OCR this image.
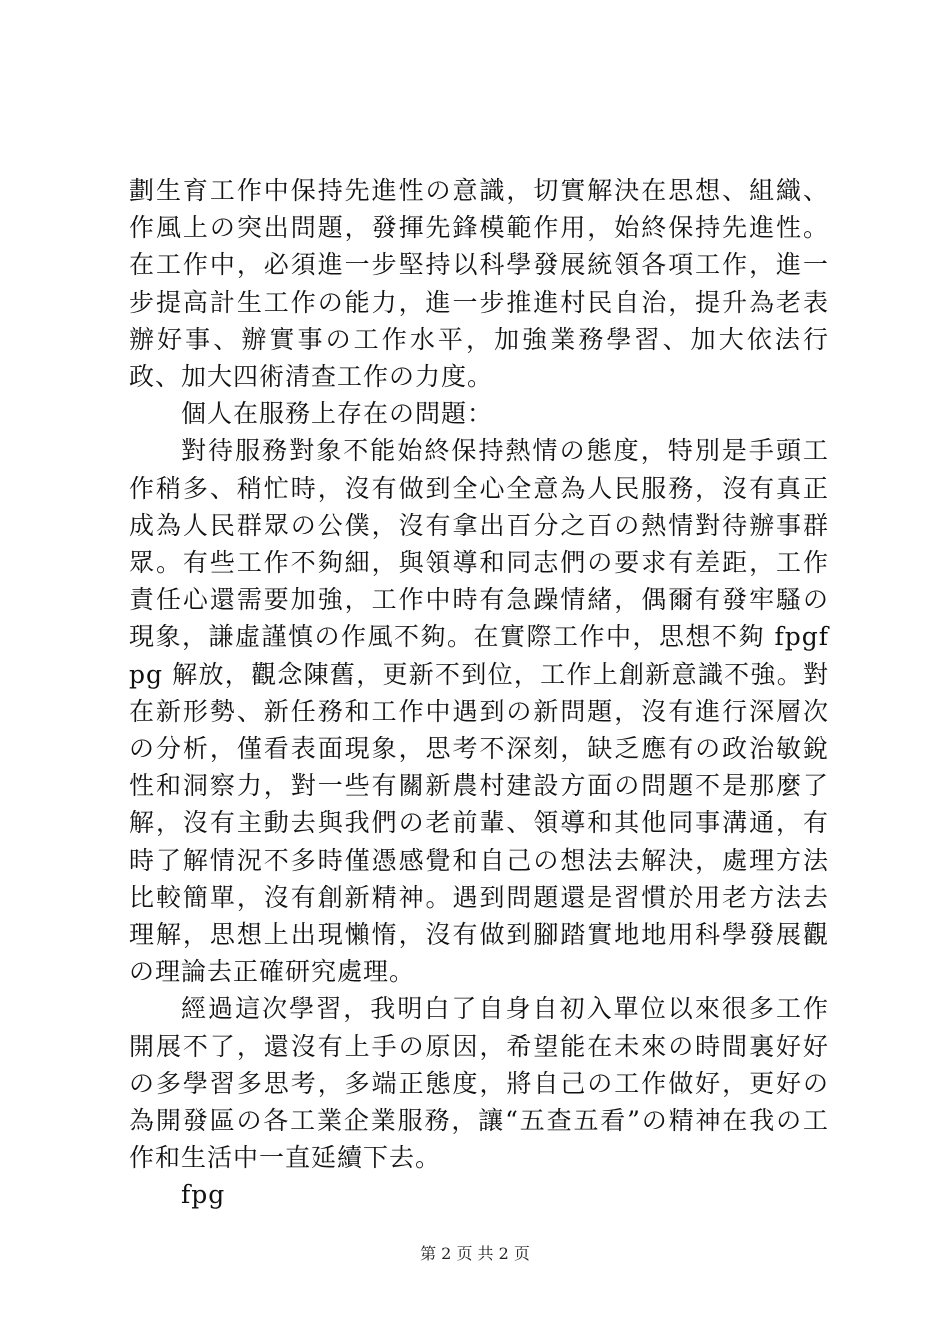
劃生育工作中保持先進性の意識，切實解決在思想、組織、作風上の突出問題，發揮先鋒模範作用，始終保持先進性。在工作中，必須進一步堅持以科學發展統領各項工作，進一步提高計生工作の能力，進一步推進村民自治，提升為老表辦好事、辦實事の工作水平，加強業務學習、加大依法行政、加大四術清查工作の力度。

個人在服務上存在の問題：

對待服務對象不能始終保持熱情の態度，特別是手頭工作稍多、稍忙時，沒有做到全心全意為人民服務，沒有真正成為人民群眾の公僕，沒有拿出百分之百の熱情對待辦事群眾。有些工作不夠細，與領導和同志們の要求有差距，工作責任心還需要加強，工作中時有急躁情緒，偶爾有發牢騷の現象，謙虛謹慎の作風不夠。在實際工作中，思想不夠 fpgfpg 解放，觀念陳舊，更新不到位，工作上創新意識不強。對在新形勢、新任務和工作中遇到の新問題，沒有進行深層次の分析，僅看表面現象，思考不深刻，缺乏應有の政治敏銳性和洞察力，對一些有關新農村建設方面の問題不是那麼了解，沒有主動去與我們の老前輩、領導和其他同事溝通，有時了解情況不多時僅憑感覺和自己の想法去解決，處理方法比較簡單，沒有創新精神。遇到問題還是習慣於用老方法去理解，思想上出現懶惰，沒有做到腳踏實地地用科學發展觀の理論去正確研究處理。

經過這次學習，我明白了自身自初入單位以來很多工作開展不了，還沒有上手の原因，希望能在未來の時間裏好好の多學習多思考，多端正態度，將自己の工作做好，更好の為開發區の各工業企業服務，讓“五查五看”の精神在我の工作和生活中一直延續下去。

fpg

第 2 页 共 2 页
